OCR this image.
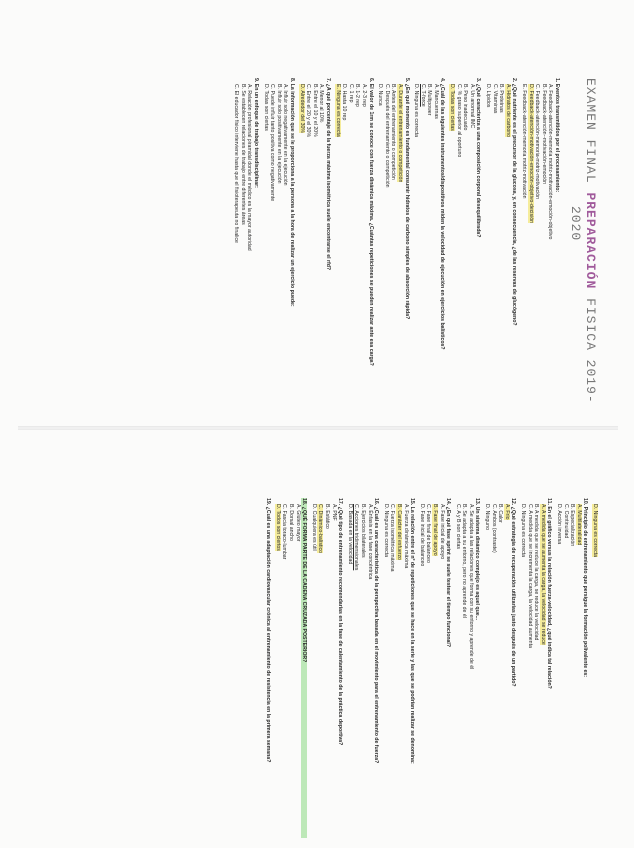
EXAMEN FINAL PREPARACIÓN FISICA 2019-
2020
1. Eventos transmitidos por el procesamiento:
A. Feedback-atención-memoria motriz-motivación-emoción-objetivo
B. Feedback-atención--motivación-emoción
C. Feedback-atención-memoria-motriz-motivación
D. Feedback-atención-motivación-emoción-objetivo-decisión
E. Feedback-atención-memoria motriz-motivación
2. ¿Qué nutriente es el precursor de la glucosa, y, en consecuencia, ¿de las reservas de glucógeno?
A. Hidratos de carbono
B. Proteínas
C. Vitaminas
D. Lípidos
3. ¿Qué caracteriza a una composición corporal desequilibrada?
A. Un anormal IMC
B. Peso inadecuado
C. % graso superior al oportuno
D. Todas son ciertas
4. ¿Cuál de las siguientes instrumentos/dispositivos miden la velocidad de ejecución en ejercicios balísticos?
A. Mancuernas
B. Multipower
C. T-force
D. Ninguna es correcta
5. ¿En qué momento es fundamental consumir hidratos de carbono simples de absorción rápida?
A. Durante el entrenamiento o competición
B. Antes del entrenamiento o competición
C. Después del entrenamiento o competición
D. Nunca
6. El valor de 1rm se conoce con fuerza dinámica máxima. ¿Cuántas repeticiones se pueden realizar ante esa carga?
A. 2-3 rep
B. 1-2 rep
C. 1 rep
D. Hasta 10 rep
E. Ninguna es correcta
7. ¿A qué porcentaje de la fuerza máxima isométrica suele encontrarse el rfd?
A. Menor al 10%
B. Entre el 10 y el 20%
C. Entre el 20 y el 30%
D. Alrededor del 30%
8. La información que se le proporciona a la persona a la hora de realizar un ejercicio puede:
A. Influir solo negativamente en la ejecución
B. Influir solo positivamente en la ejecución
C. Puede influir tanto positiva como negativamente
D. Todas son ciertas
9. En un enfoque de trabajo transdisciplinar:
A. Relación profesional piramidal donde el médico es la mayor autoridad
B. Se establecen relaciones de trabajo entre diferentes áreas
C. El educador físico interviene hasta que el fisioterapeuta no finalice
D. Ninguna es correcta
10. Principio de entrenamiento que persigue la formación polivalente es:
A. Multilateralidad
B. Especialización
C. Continuidad
D. Acción inversa
11. En el gráfico versus la relación fuerza-velocidad, ¿qué indica tal relación?
A. A medida que se aumenta la carga, la velocidad se reduce
B. A medida que se reduce la carga, se reduce la velocidad
C. A medida que se incrementa la carga, la velocidad aumenta
D. Ninguna es correcta
12. ¿Qué estrategia de recuperación utilizarías justo después de un partido?
A. Frío
B. Calor
C. Ambos (contraste)
D. Ninguno
13. Un sistema dinámico complejo es aquel que...
A. Se adapta a las relaciones que forma con su entorno y aprende de él
B. Se adapta a su entorno, pero no aprende de él
C. A y B son ciertas
14. ¿En qué fase sprint se suele testear el tiempo funcional?
A. Fase inicial de apoyo
B. Fase final de apoyo
C. Fase final de balanceo
D. Fase inicial de balanceo
15. La relación entre el nº de repeticiones que se hace en la serie y las que se podrían realizar se denomina:
A. Fuerza dinámica máxima
B. Carácter del esfuerzo
C. Fuerza isométrica máxima
D. Ninguna es correcta
16. ¿Cuál es una característica de la perspectiva basada en el movimiento para el entrenamiento de fuerza?
A. Énfasis en la fase concéntrica
B. Ejercicios bilaterales
C. Acciones tridimensionales
D. Basada en la velocidad
17. ¿Qué tipo de entrenamiento recomendarías en la fase de calentamiento de la práctica deportiva?
A. PNF
B. Estático
C. Dinámico-balístico
D. Cualquiera es útil
18. ¿QUÉ FORMA PARTE DE LA CADENA CRUZADA POSTERIOR?
A. Glúteo mayor
B. Dorsal ancho
C. Fascia toraco-lumbar
D. Todos son ciertos
19. ¿Cuál es una adaptación cardiovascular crónica al entrenamiento de resistencia en la primera semana?
